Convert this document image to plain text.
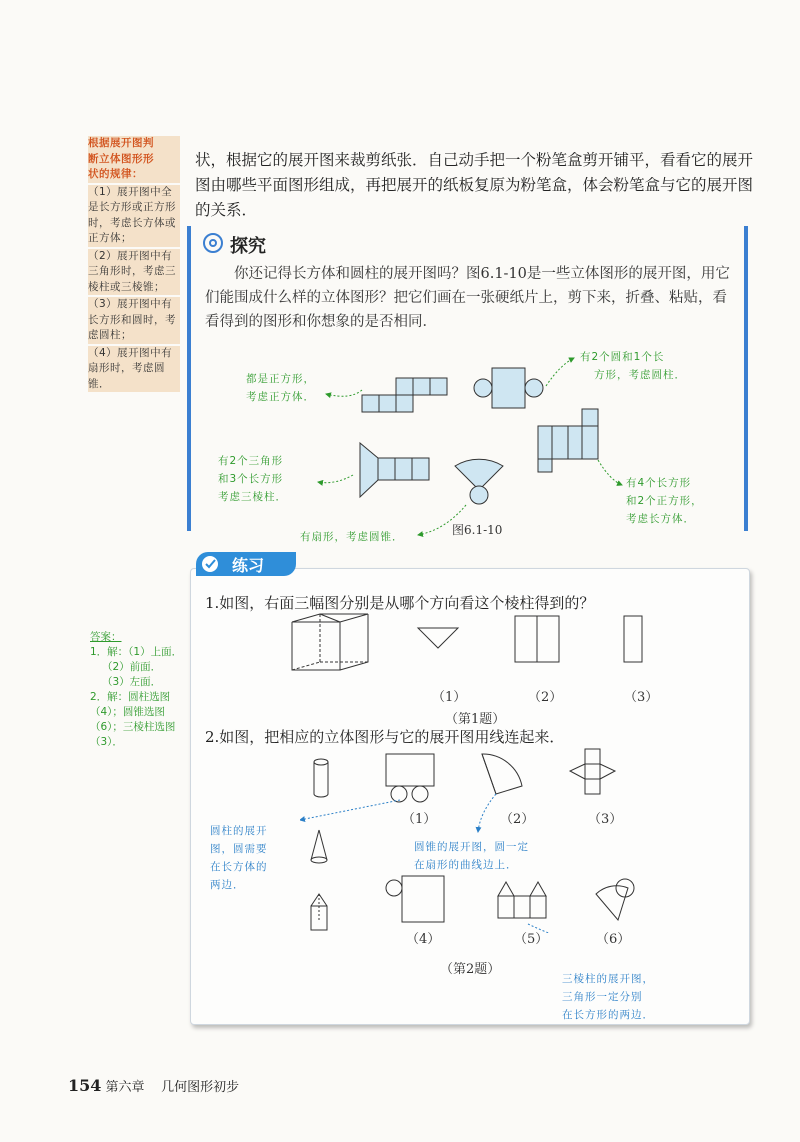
根据展开图判
断立体图形形
状的规律：
（1）展开图中全是长方形或正方形时，考虑长方体或正方体；
（2）展开图中有三角形时，考虑三棱柱或三棱锥；
（3）展开图中有长方形和圆时，考虑圆柱；
（4）展开图中有扇形时，考虑圆锥．
状，根据它的展开图来裁剪纸张．自己动手把一个粉笔盒剪开铺平，看看它的展开图由哪些平面图形组成，再把展开的纸板复原为粉笔盒，体会粉笔盒与它的展开图的关系．
探究
你还记得长方体和圆柱的展开图吗？图6.1-10是一些立体图形的展开图，用它们能围成什么样的立体图形？把它们画在一张硬纸片上，剪下来，折叠、粘贴，看看得到的图形和你想象的是否相同．
都是正方形，
考虑正方体．
有2个圆和1个长
方形，考虑圆柱．
有2个三角形
和3个长方形
考虑三棱柱．
有4个长方形
和2个正方形，
考虑长方体．
有扇形，考虑圆锥．	图6.1-10
练习
1.如图，右面三幅图分别是从哪个方向看这个棱柱得到的？
（1）	（2）	（3）
（第1题）
2.如图，把相应的立体图形与它的展开图用线连起来．
（1）	（2）	（3）
（4）	（5）	（6）
（第2题）
圆柱的展开
图，圆需要
在长方体的
两边．
圆锥的展开图，圆一定
在扇形的曲线边上．
三棱柱的展开图，
三角形一定分别
在长方形的两边．
答案：
1．解：（1）上面．
（2）前面．
（3）左面．
2．解：圆柱选图（4）；圆锥选图（6）；三棱柱选图（3）．
154 第六章 几何图形初步
